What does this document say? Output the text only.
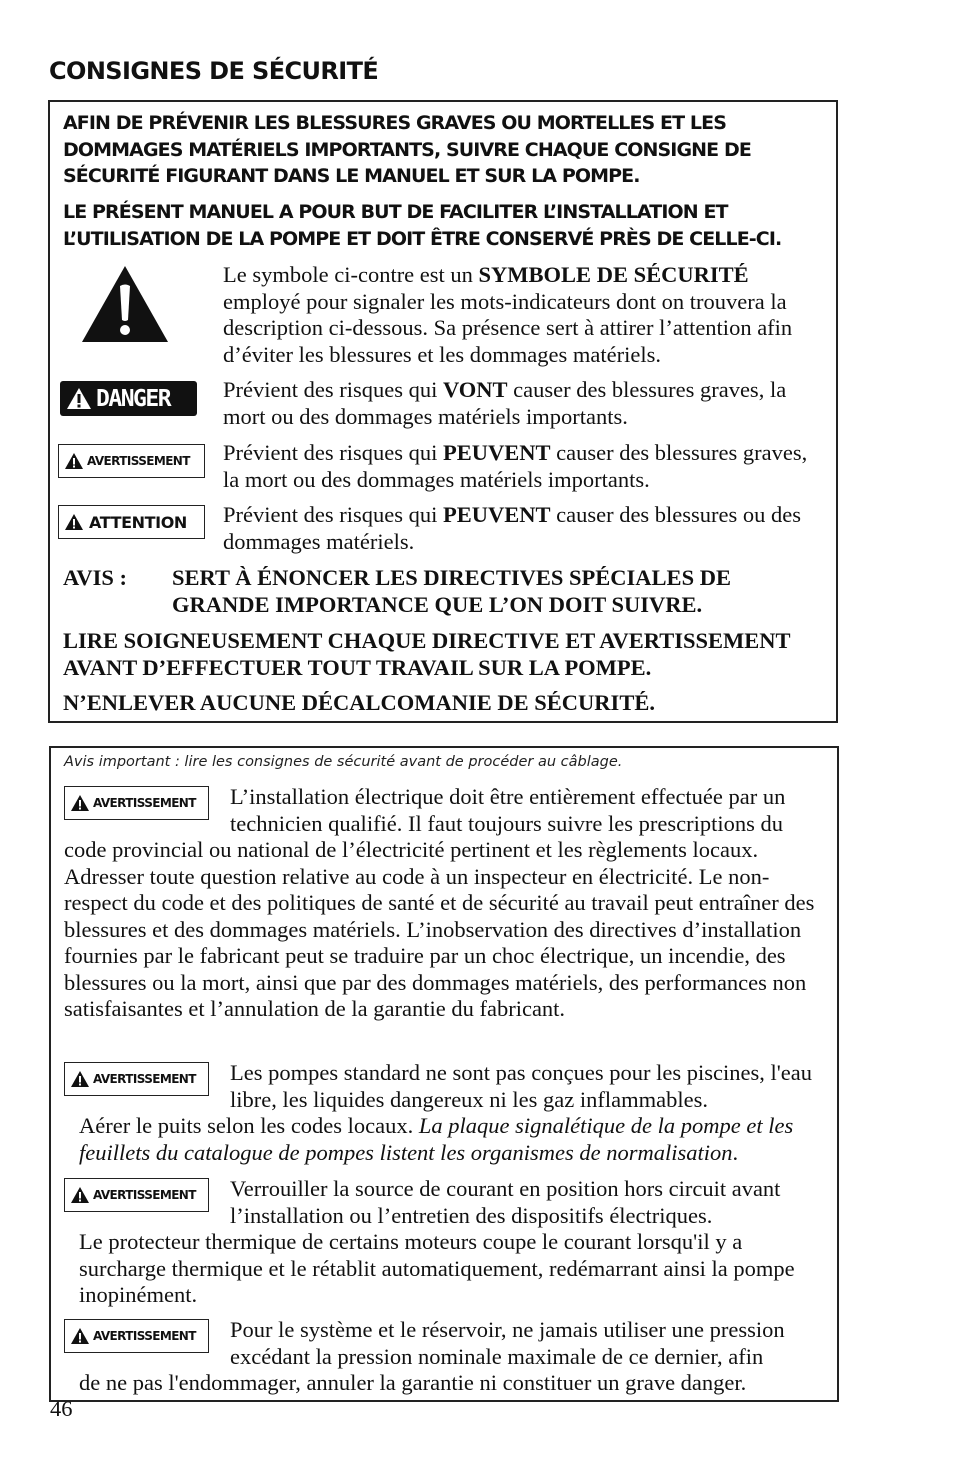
CONSIGNES DE SÉCURITÉ
AFIN DE PRÉVENIR LES BLESSURES GRAVES OU MORTELLES ET LES DOMMAGES MATÉRIELS IMPORTANTS, SUIVRE CHAQUE CONSIGNE DE SÉCURITÉ FIGURANT DANS LE MANUEL ET SUR LA POMPE.
LE PRÉSENT MANUEL A POUR BUT DE FACILITER L’INSTALLATION ET L’UTILISATION DE LA POMPE ET DOIT ÊTRE CONSERVÉ PRÈS DE CELLE-CI.
Le symbole ci-contre est un SYMBOLE DE SÉCURITÉ employé pour signaler les mots-indicateurs dont on trouvera la description ci-dessous. Sa présence sert à attirer l’attention afin d’éviter les blessures et les dommages matériels.
DANGER Prévient des risques qui VONT causer des blessures graves, la mort ou des dommages matériels importants.
AVERTISSEMENT Prévient des risques qui PEUVENT causer des blessures graves, la mort ou des dommages matériels importants.
ATTENTION Prévient des risques qui PEUVENT causer des blessures ou des dommages matériels.
AVIS : SERT À ÉNONCER LES DIRECTIVES SPÉCIALES DE GRANDE IMPORTANCE QUE L’ON DOIT SUIVRE.
LIRE SOIGNEUSEMENT CHAQUE DIRECTIVE ET AVERTISSEMENT AVANT D’EFFECTUER TOUT TRAVAIL SUR LA POMPE.
N’ENLEVER AUCUNE DÉCALCOMANIE DE SÉCURITÉ.
Avis important : lire les consignes de sécurité avant de procéder au câblage.
AVERTISSEMENT L’installation électrique doit être entièrement effectuée par un technicien qualifié. Il faut toujours suivre les prescriptions du code provincial ou national de l’électricité pertinent et les règlements locaux. Adresser toute question relative au code à un inspecteur en électricité. Le non-respect du code et des politiques de santé et de sécurité au travail peut entraîner des blessures et des dommages matériels. L’inobservation des directives d’installation fournies par le fabricant peut se traduire par un choc électrique, un incendie, des blessures ou la mort, ainsi que par des dommages matériels, des performances non satisfaisantes et l’annulation de la garantie du fabricant.
AVERTISSEMENT Les pompes standard ne sont pas conçues pour les piscines, l'eau libre, les liquides dangereux ni les gaz inflammables.
Aérer le puits selon les codes locaux. La plaque signalétique de la pompe et les feuillets du catalogue de pompes listent les organismes de normalisation.
AVERTISSEMENT Verrouiller la source de courant en position hors circuit avant l’installation ou l’entretien des dispositifs électriques.
Le protecteur thermique de certains moteurs coupe le courant lorsqu'il y a surcharge thermique et le rétablit automatiquement, redémarrant ainsi la pompe inopinément.
AVERTISSEMENT Pour le système et le réservoir, ne jamais utiliser une pression excédant la pression nominale maximale de ce dernier, afin
de ne pas l'endommager, annuler la garantie ni constituer un grave danger.
46
